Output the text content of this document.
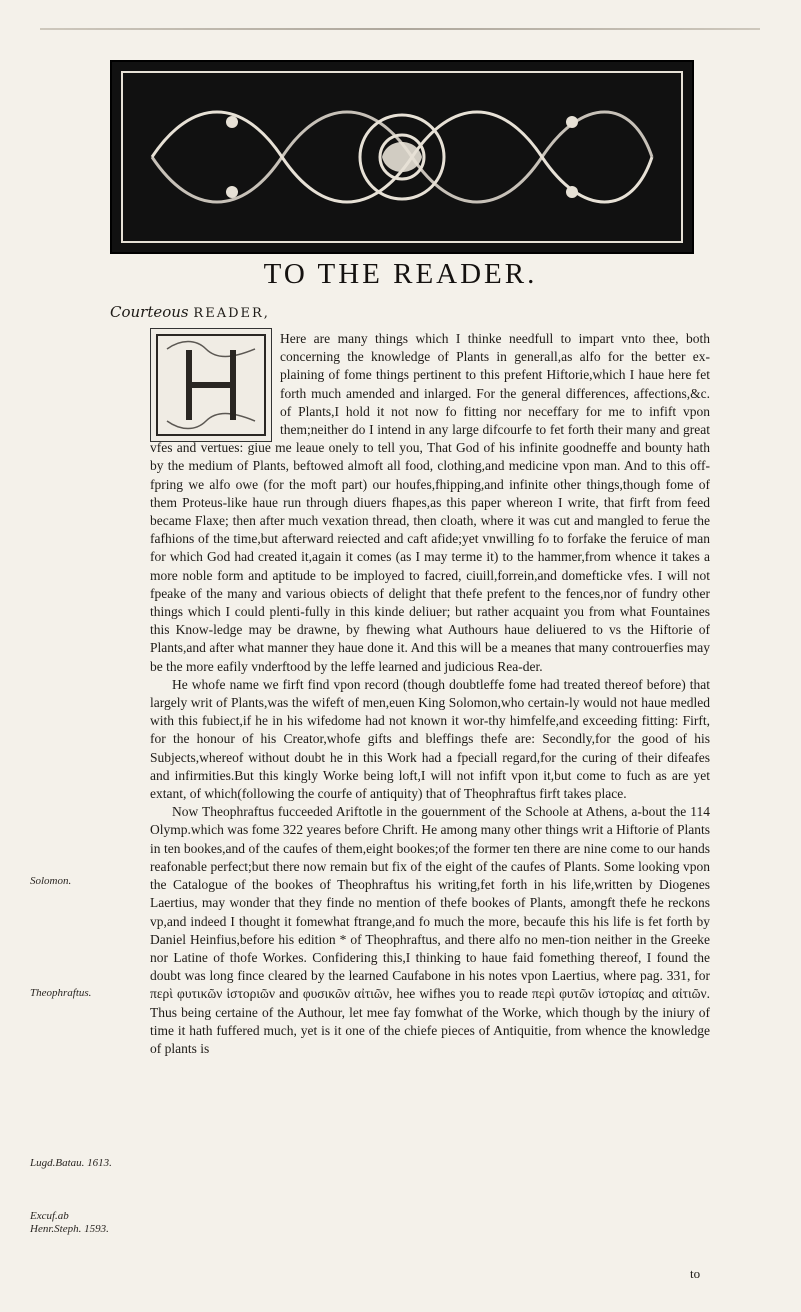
TO THE READER.
Courteous READER,

Here are many things which I thinke needfull to impart vnto thee, both concerning the knowledge of Plants in generall,as alfo for the better ex-plaining of fome things pertinent to this prefent Hiftorie,which I haue here fet forth much amended and inlarged. For the general differences, affections,&c. of Plants,I hold it not now fo fitting nor neceffary for me to infift vpon them;neither do I intend in any large difcourfe to fet forth their many and great vfes and vertues: giue me leaue onely to tell you, That God of his infinite goodneffe and bounty hath by the medium of Plants, beftowed almoft all food, clothing,and medicine vpon man. And to this off-fpring we alfo owe (for the moft part) our houfes,fhipping,and infinite other things,though fome of them Proteus-like haue run through diuers fhapes,as this paper whereon I write, that firft from feed became Flaxe; then after much vexation thread, then cloath, where it was cut and mangled to ferue the fafhions of the time,but afterward reiected and caft afide;yet vnwilling fo to forfake the feruice of man for which God had created it,again it comes (as I may terme it) to the hammer,from whence it takes a more noble form and aptitude to be imployed to facred, ciuill,forrein,and domefticke vfes. I will not fpeake of the many and various obiects of delight that thefe prefent to the fences,nor of fundry other things which I could plenti-fully in this kinde deliuer; but rather acquaint you from what Fountaines this Know-ledge may be drawne, by fhewing what Authours haue deliuered to vs the Hiftorie of Plants,and after what manner they haue done it. And this will be a meanes that many controuerfies may be the more eafily vnderftood by the leffe learned and judicious Rea-der.

He whofe name we firft find vpon record (though doubtleffe fome had treated thereof before) that largely writ of Plants,was the wifeft of men,euen King Solomon,who certain-ly would not haue medled with this fubiect,if he in his wifedome had not known it wor-thy himfelfe,and exceeding fitting: Firft, for the honour of his Creator,whofe gifts and bleffings thefe are: Secondly,for the good of his Subjects,whereof without doubt he in this Work had a fpeciall regard,for the curing of their difeafes and infirmities.But this kingly Worke being loft,I will not infift vpon it,but come to fuch as are yet extant, of which(following the courfe of antiquity) that of Theophraftus firft takes place.

Now Theophraftus fucceeded Ariftotle in the gouernment of the Schoole at Athens, a-bout the 114 Olymp.which was fome 322 yeares before Chrift. He among many other things writ a Hiftorie of Plants in ten bookes,and of the caufes of them,eight bookes;of the former ten there are nine come to our hands reafonable perfect;but there now remain but fix of the eight of the caufes of Plants. Some looking vpon the Catalogue of the bookes of Theophraftus his writing,fet forth in his life,written by Diogenes Laertius, may wonder that they finde no mention of thefe bookes of Plants, amongft thefe he reckons vp,and indeed I thought it fomewhat ftrange,and fo much the more, becaufe this his life is fet forth by Daniel Heinfius,before his edition * of Theophraftus, and there alfo no men-tion neither in the Greeke nor Latine of thofe Workes. Confidering this,I thinking to haue faid fomething thereof, I found the doubt was long fince cleared by the learned Caufabone in his notes vpon Laertius, where pag. 331, for περὶ φυτικῶν ἱστοριῶν and φυσικῶν αἰτιῶν, hee wifhes you to reade περὶ φυτῶν ἱστορίας and αἰτιῶν. Thus being certaine of the Authour, let mee fay fomwhat of the Worke, which though by the iniury of time it hath fuffered much, yet is it one of the chiefe pieces of Antiquitie, from whence the knowledge of plants is

Solomon.
Theophraftus.
Lugd.Batau. 1613.
Excuf.ab Henr.Steph. 1593.
to
